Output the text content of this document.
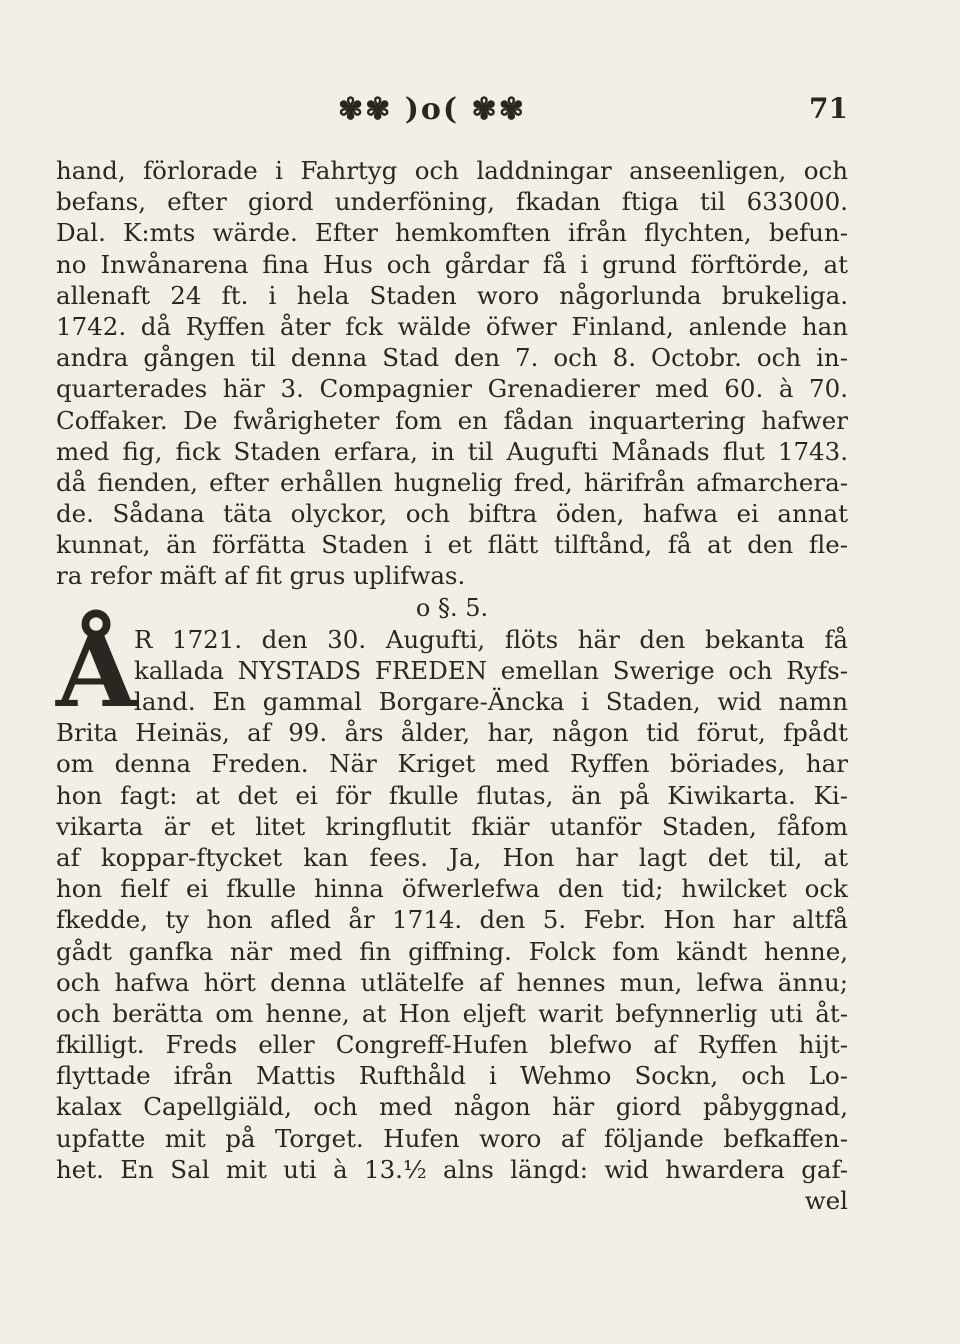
✾✾ )o( ✾✾	71
hand, förlorade i Fahrtyg och laddningar anseenligen, och
befans, efter giord underföning, fkadan ftiga til 633000.
Dal. K:mts wärde. Efter hemkomften ifrån flychten, befun-
no Inwånarena fina Hus och gårdar få i grund förftörde, at
allenaft 24 ft. i hela Staden woro någorlunda brukeliga.
1742. då Ryffen åter fck wälde öfwer Finland, anlende han
andra gången til denna Stad den 7. och 8. Octobr. och in-
quarterades här 3. Compagnier Grenadierer med 60. à 70.
Coffaker. De fwårigheter fom en fådan inquartering hafwer
med fig, fick Staden erfara, in til Augufti Månads flut 1743.
då fienden, efter erhållen hugnelig fred, härifrån afmarchera-
de. Sådana täta olyckor, och biftra öden, hafwa ei annat
kunnat, än förfätta Staden i et flätt tilftånd, få at den fle-
ra refor mäft af fit grus uplifwas.
o §. 5.
Å
R 1721. den 30. Augufti, flöts här den bekanta få
kallada NYSTADS FREDEN emellan Swerige och Ryfs-
land. En gammal Borgare-Äncka i Staden, wid namn
Brita Heinäs, af 99. års ålder, har, någon tid förut, fpådt
om denna Freden. När Kriget med Ryffen böriades, har
hon fagt: at det ei för fkulle flutas, än på Kiwikarta. Ki-
vikarta är et litet kringflutit fkiär utanför Staden, fåfom
af koppar-ftycket kan fees. Ja, Hon har lagt det til, at
hon fielf ei fkulle hinna öfwerlefwa den tid; hwilcket ock
fkedde, ty hon afled år 1714. den 5. Febr. Hon har altfå
gådt ganfka när med fin giffning. Folck fom kändt henne,
och hafwa hört denna utlätelfe af hennes mun, lefwa ännu;
och berätta om henne, at Hon eljeft warit befynnerlig uti åt-
fkilligt. Freds eller Congreff-Hufen blefwo af Ryffen hijt-
flyttade ifrån Mattis Rufthåld i Wehmo Sockn, och Lo-
kalax Capellgiäld, och med någon här giord påbyggnad,
upfatte mit på Torget. Hufen woro af följande befkaffen-
het. En Sal mit uti à 13.½ alns längd: wid hwardera gaf-
wel
